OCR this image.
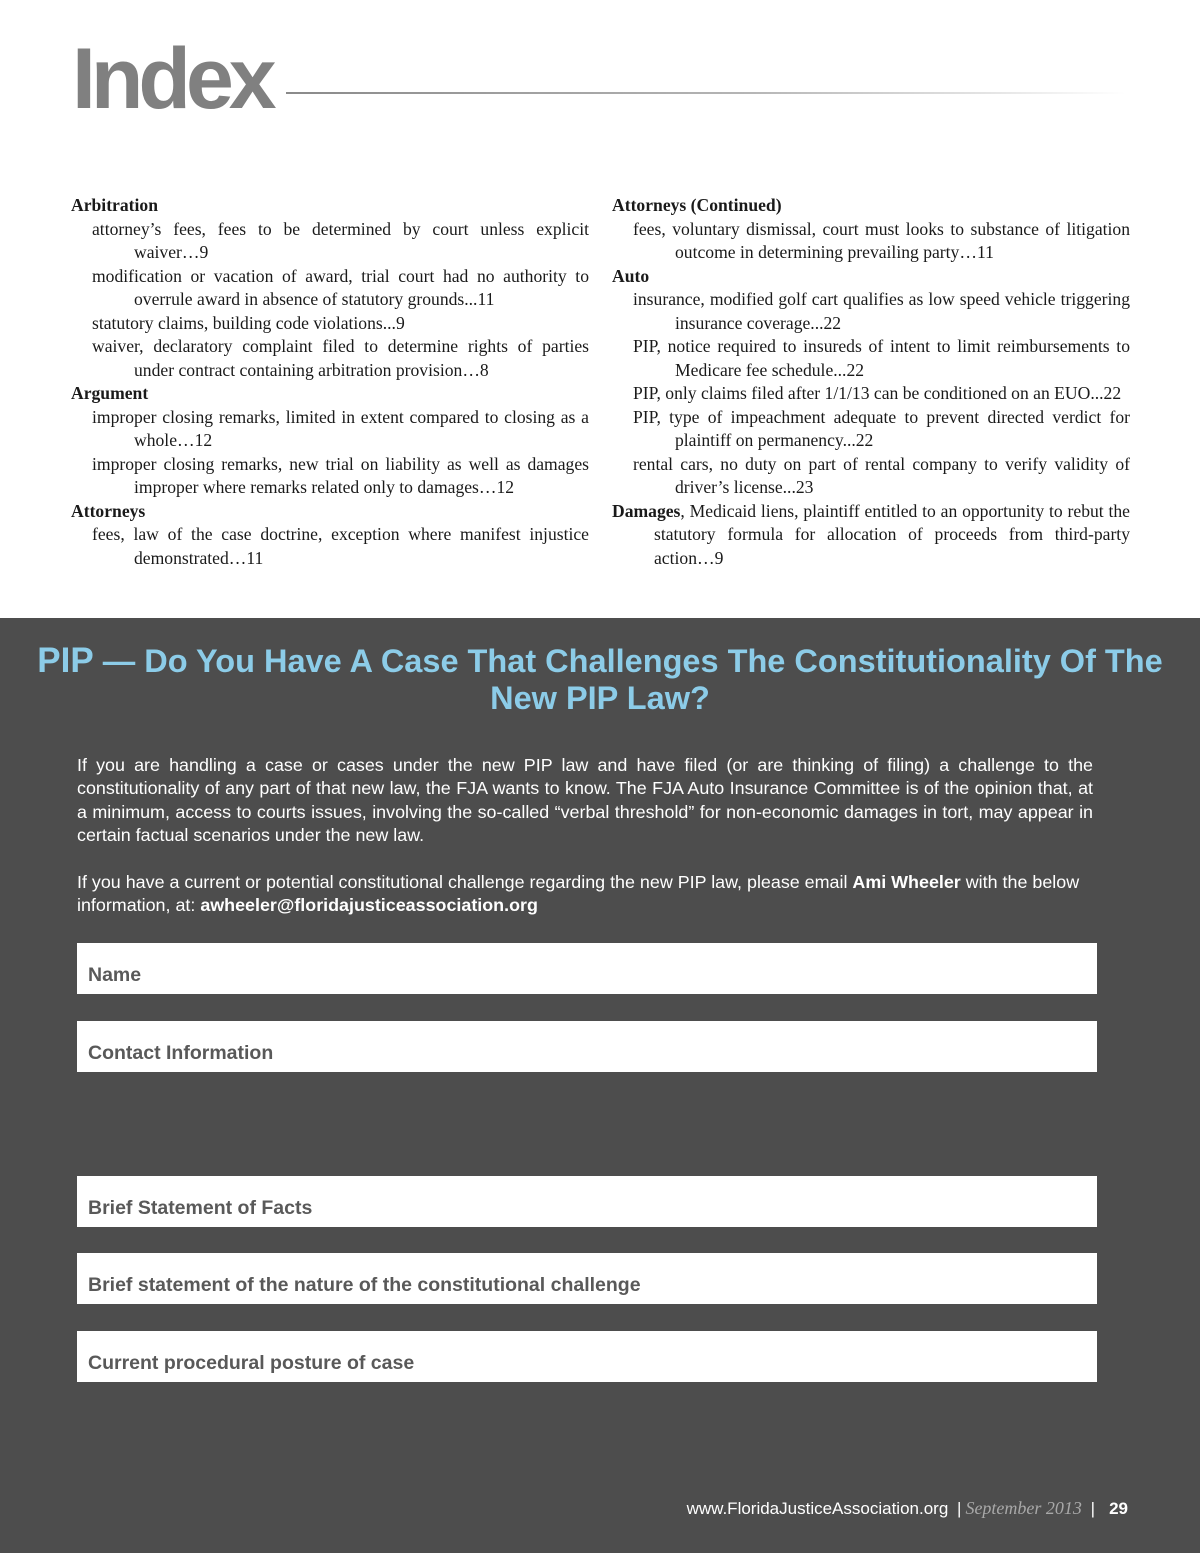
Index
Arbitration
attorney’s fees, fees to be determined by court unless explicit waiver…9
modification or vacation of award, trial court had no authority to overrule award in absence of statutory grounds...11
statutory claims, building code violations...9
waiver, declaratory complaint filed to determine rights of parties under contract containing arbitration provision…8
Argument
improper closing remarks, limited in extent compared to closing as a whole…12
improper closing remarks, new trial on liability as well as damages improper where remarks related only to damages…12
Attorneys
fees, law of the case doctrine, exception where manifest injustice demonstrated…11
Attorneys (Continued)
fees, voluntary dismissal, court must looks to substance of litigation outcome in determining prevailing party…11
Auto
insurance, modified golf cart qualifies as low speed vehicle triggering insurance coverage...22
PIP, notice required to insureds of intent to limit reimbursements to Medicare fee schedule...22
PIP, only claims filed after 1/1/13 can be conditioned on an EUO...22
PIP, type of impeachment adequate to prevent directed verdict for plaintiff on permanency...22
rental cars, no duty on part of rental company to verify validity of driver’s license...23
Damages, Medicaid liens, plaintiff entitled to an opportunity to rebut the statutory formula for allocation of proceeds from third-party action…9
PIP — Do You Have A Case That Challenges The Constitutionality Of The New PIP Law?
If you are handling a case or cases under the new PIP law and have filed (or are thinking of filing) a challenge to the constitutionality of any part of that new law, the FJA wants to know. The FJA Auto Insurance Committee is of the opinion that, at a minimum, access to courts issues, involving the so-called “verbal threshold” for non-economic damages in tort, may appear in certain factual scenarios under the new law.
If you have a current or potential constitutional challenge regarding the new PIP law, please email Ami Wheeler with the below information, at: awheeler@floridajusticeassociation.org
Name
Contact Information
Brief Statement of Facts
Brief statement of the nature of the constitutional challenge
Current procedural posture of case
www.FloridaJusticeAssociation.org | September 2013 | 29
